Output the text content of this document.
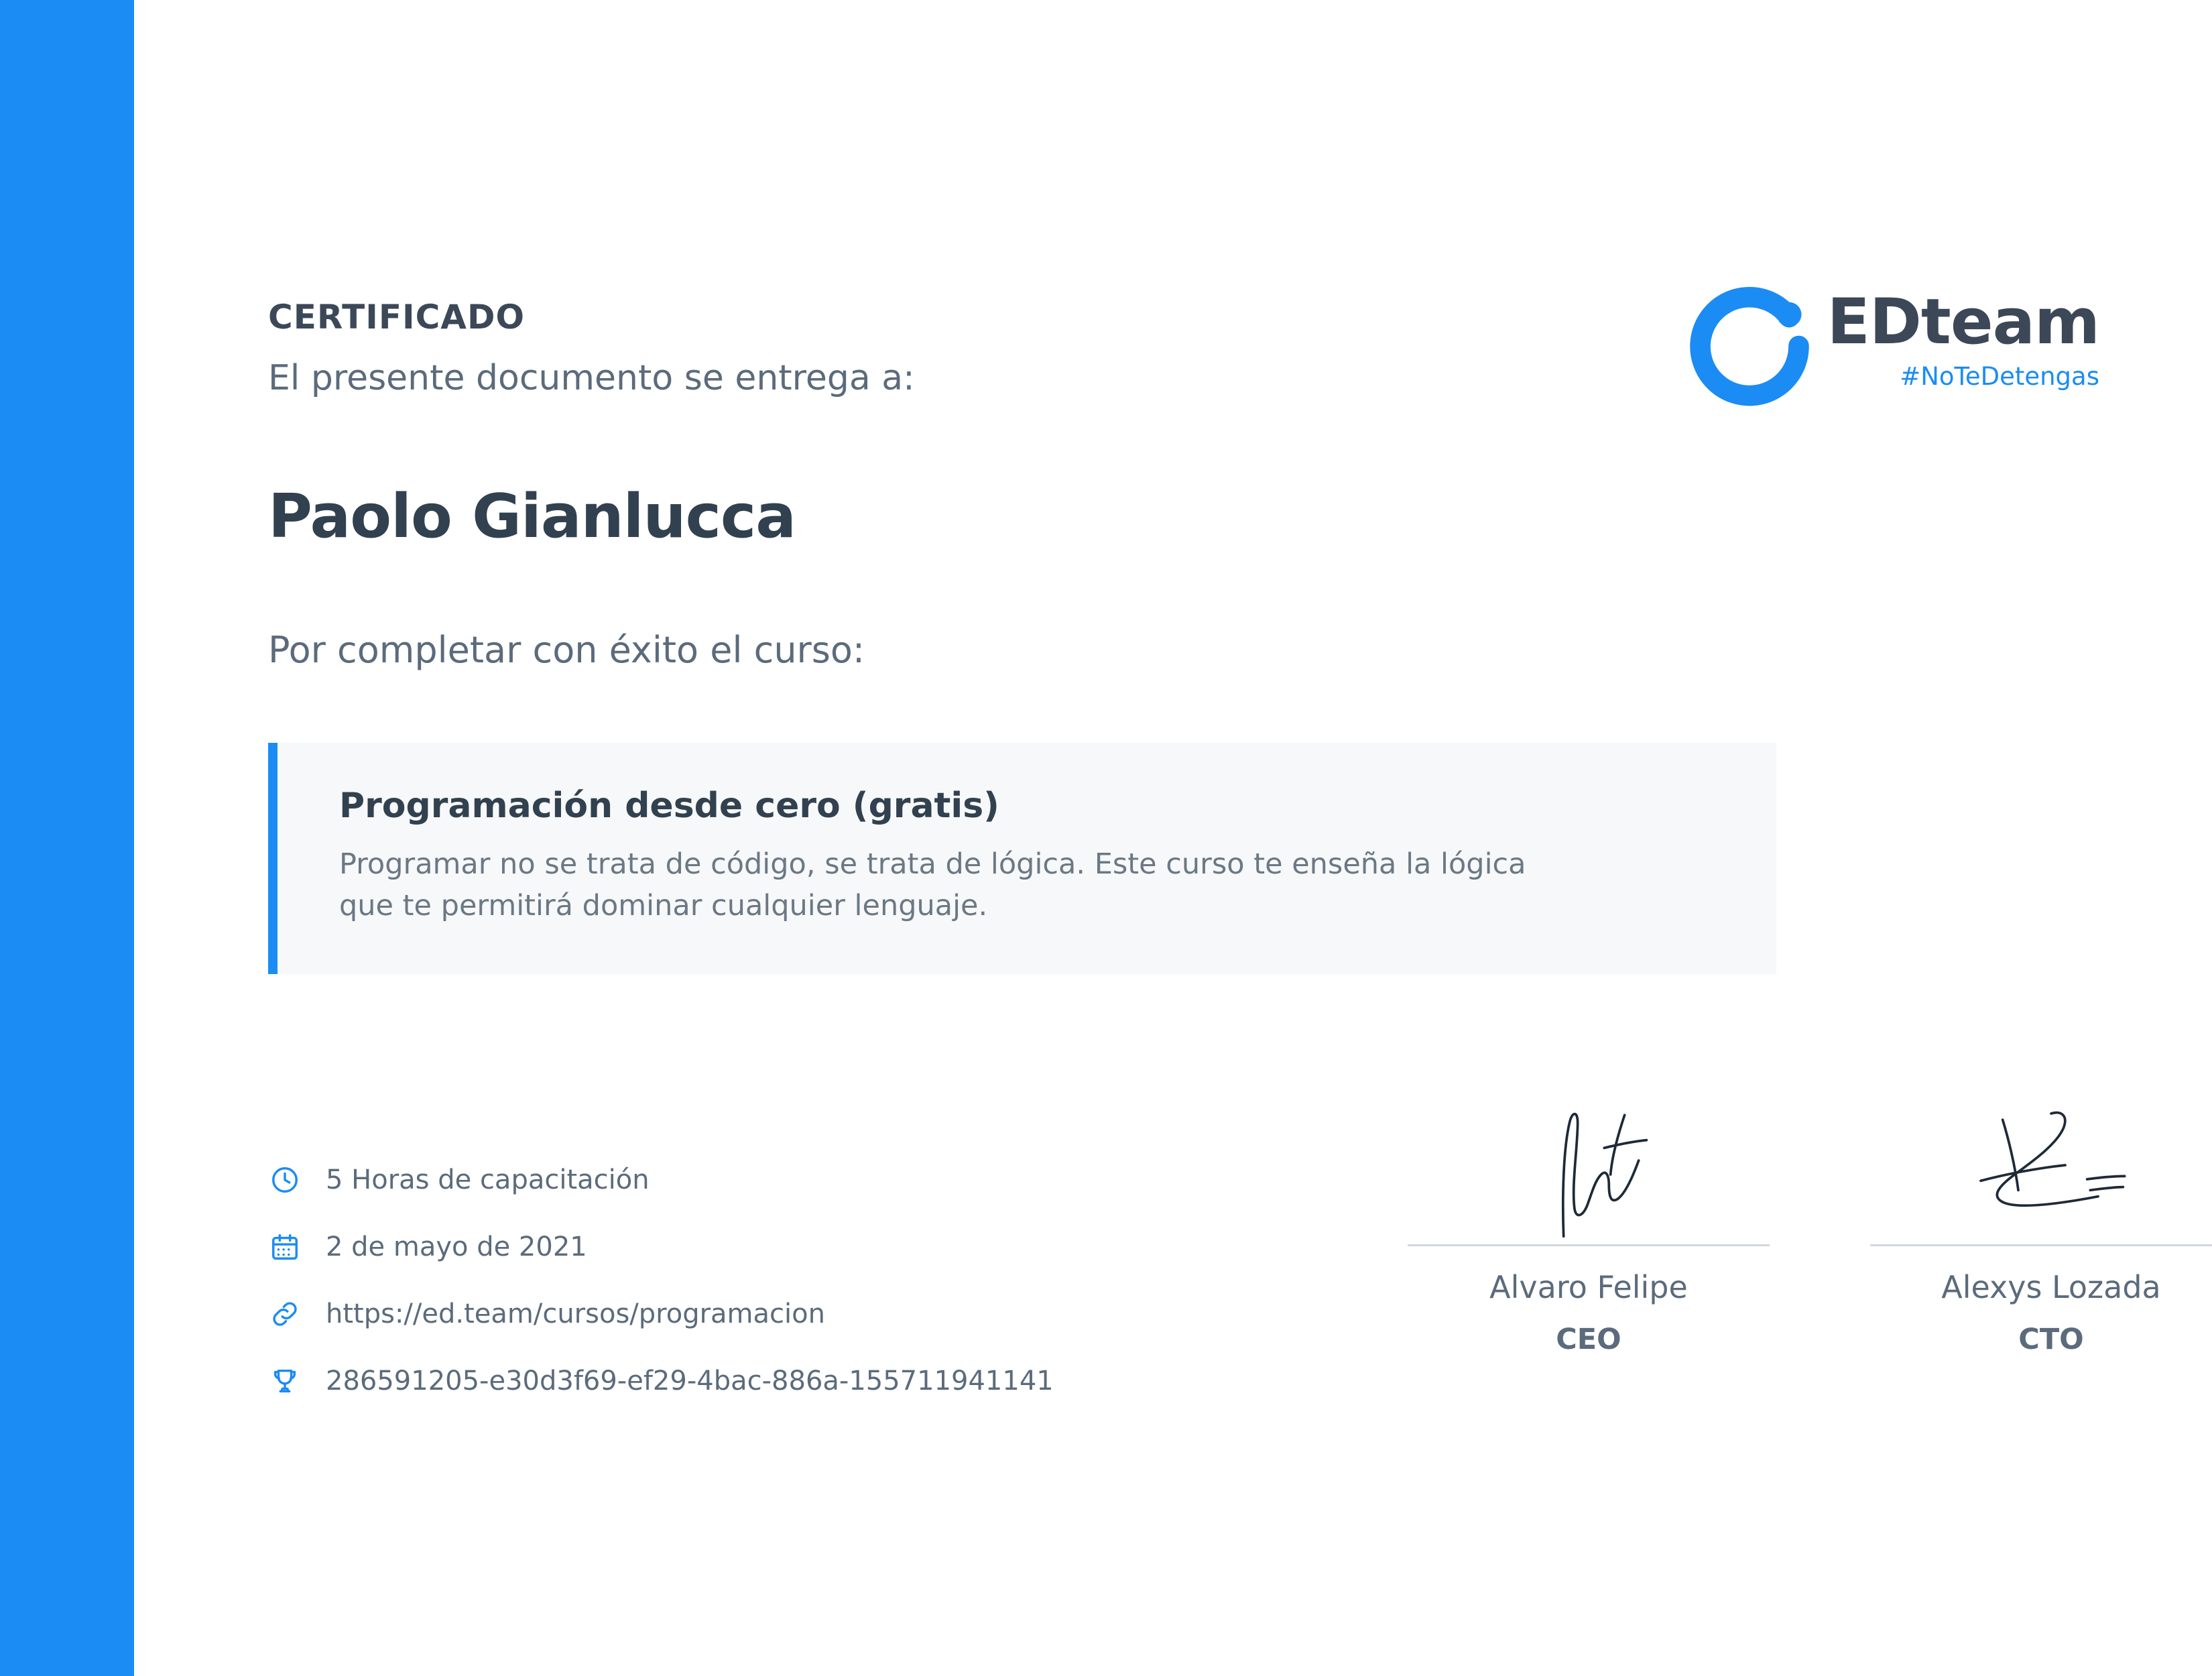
CERTIFICADO
El presente documento se entrega a:
EDteam
#NoTeDetengas
Paolo Gianlucca
Por completar con éxito el curso:
Programación desde cero (gratis)
Programar no se trata de código, se trata de lógica. Este curso te enseña la lógica que te permitirá dominar cualquier lenguaje.
5 Horas de capacitación
2 de mayo de 2021
https://ed.team/cursos/programacion
286591205-e30d3f69-ef29-4bac-886a-155711941141
Alvaro Felipe
CEO
Alexys Lozada
CTO
